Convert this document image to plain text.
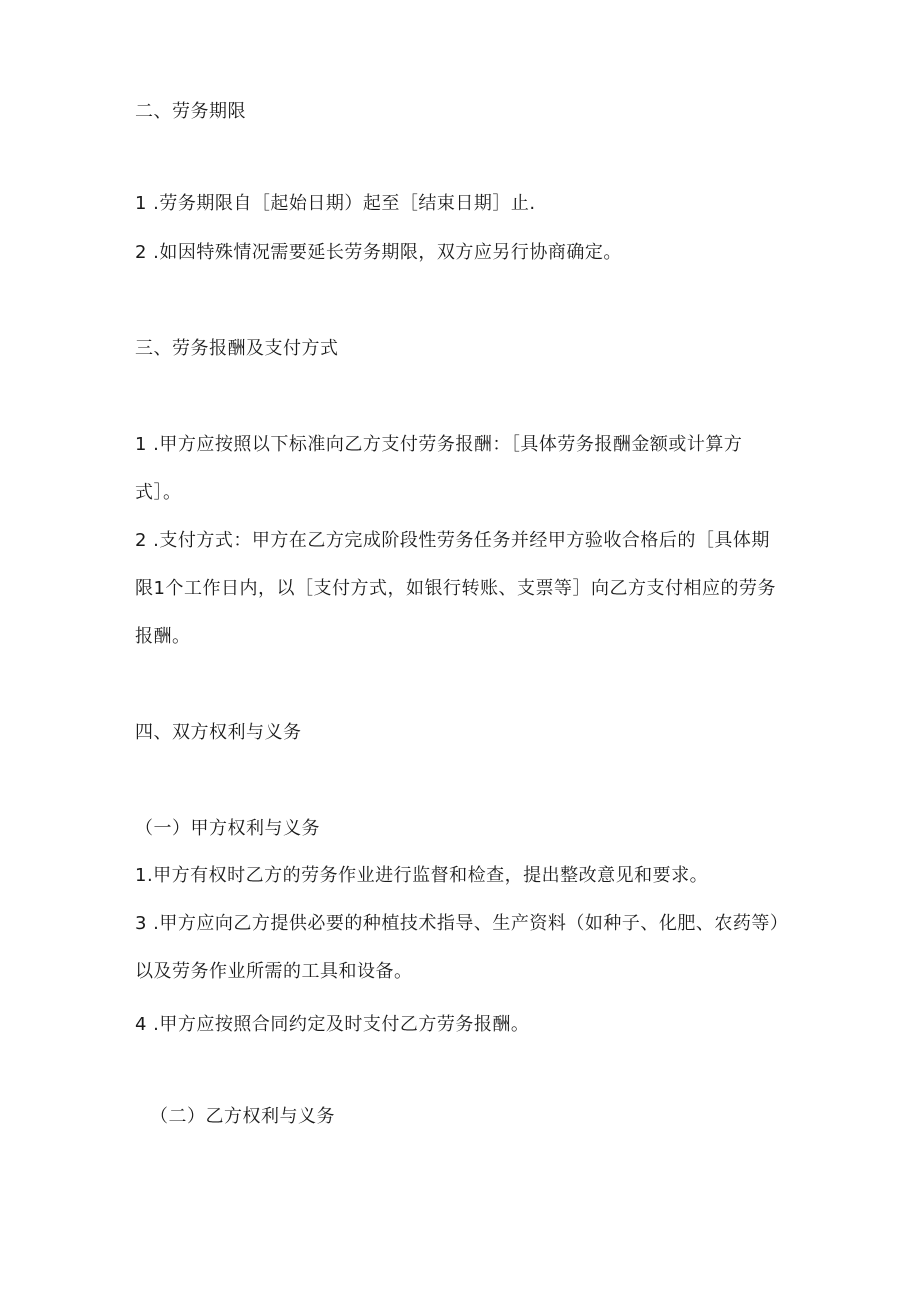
二、劳务期限
1 .劳务期限自［起始日期）起至［结束日期］止.
2 .如因特殊情况需要延长劳务期限，双方应另行协商确定。
三、劳务报酬及支付方式
1 .甲方应按照以下标准向乙方支付劳务报酬：［具体劳务报酬金额或计算方
式］。
2 .支付方式：甲方在乙方完成阶段性劳务任务并经甲方验收合格后的［具体期
限1个工作日内，以［支付方式，如银行转账、支票等］向乙方支付相应的劳务
报酬。
四、双方权利与义务
（一）甲方权利与义务
1.甲方有权时乙方的劳务作业进行监督和检查，提出整改意见和要求。
3 .甲方应向乙方提供必要的种植技术指导、生产资料（如种子、化肥、农药等）
以及劳务作业所需的工具和设备。
4 .甲方应按照合同约定及时支付乙方劳务报酬。
（二）乙方权利与义务
